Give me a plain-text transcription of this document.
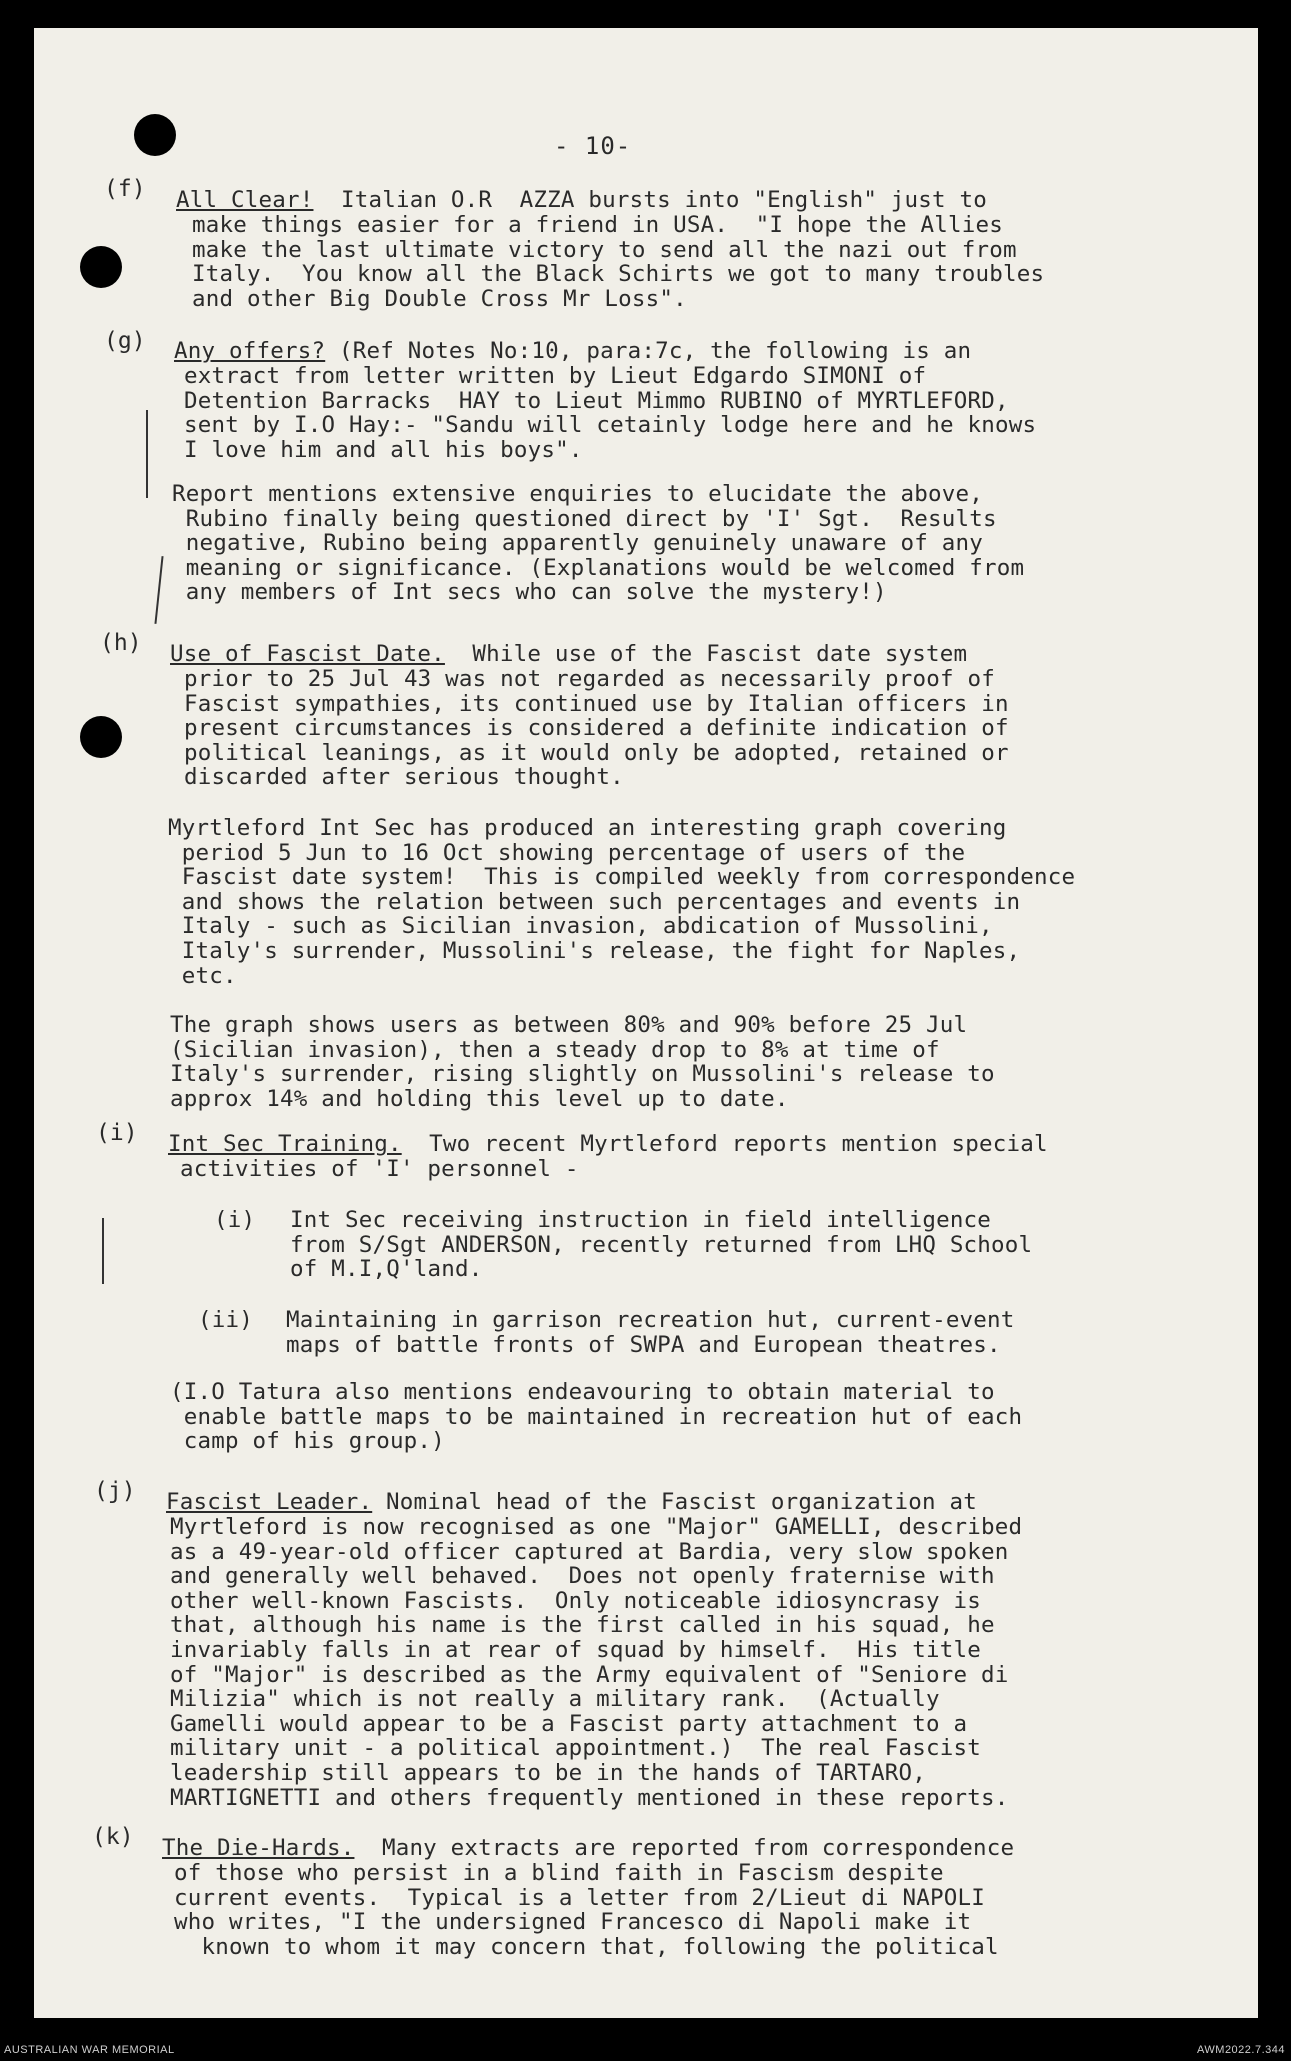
- 10-
(f) All Clear!  Italian O.R  AZZA bursts into "English" just to
make things easier for a friend in USA.  "I hope the Allies
make the last ultimate victory to send all the nazi out from
Italy.  You know all the Black Schirts we got to many troubles
and other Big Double Cross Mr Loss".
(g) Any offers? (Ref Notes No:10, para:7c, the following is an
extract from letter written by Lieut Edgardo SIMONI of
Detention Barracks  HAY to Lieut Mimmo RUBINO of MYRTLEFORD,
sent by I.O Hay:- "Sandu will cetainly lodge here and he knows
I love him and all his boys".
Report mentions extensive enquiries to elucidate the above,
Rubino finally being questioned direct by 'I' Sgt.  Results
negative, Rubino being apparently genuinely unaware of any
meaning or significance. (Explanations would be welcomed from
any members of Int secs who can solve the mystery!)
(h) Use of Fascist Date.  While use of the Fascist date system
prior to 25 Jul 43 was not regarded as necessarily proof of
Fascist sympathies, its continued use by Italian officers in
present circumstances is considered a definite indication of
political leanings, as it would only be adopted, retained or
discarded after serious thought.
Myrtleford Int Sec has produced an interesting graph covering
period 5 Jun to 16 Oct showing percentage of users of the
Fascist date system!  This is compiled weekly from correspondence
and shows the relation between such percentages and events in
Italy - such as Sicilian invasion, abdication of Mussolini,
Italy's surrender, Mussolini's release, the fight for Naples,
etc.
The graph shows users as between 80% and 90% before 25 Jul
(Sicilian invasion), then a steady drop to 8% at time of
Italy's surrender, rising slightly on Mussolini's release to
approx 14% and holding this level up to date.
(i) Int Sec Training.  Two recent Myrtleford reports mention special
activities of 'I' personnel -
(i) Int Sec receiving instruction in field intelligence
from S/Sgt ANDERSON, recently returned from LHQ School
of M.I,Q'land.
(ii) Maintaining in garrison recreation hut, current-event
maps of battle fronts of SWPA and European theatres.
(I.O Tatura also mentions endeavouring to obtain material to
enable battle maps to be maintained in recreation hut of each
camp of his group.)
(j) Fascist Leader. Nominal head of the Fascist organization at
Myrtleford is now recognised as one "Major" GAMELLI, described
as a 49-year-old officer captured at Bardia, very slow spoken
and generally well behaved.  Does not openly fraternise with
other well-known Fascists.  Only noticeable idiosyncrasy is
that, although his name is the first called in his squad, he
invariably falls in at rear of squad by himself.  His title
of "Major" is described as the Army equivalent of "Seniore di
Milizia" which is not really a military rank.  (Actually
Gamelli would appear to be a Fascist party attachment to a
military unit - a political appointment.)  The real Fascist
leadership still appears to be in the hands of TARTARO,
MARTIGNETTI and others frequently mentioned in these reports.
(k) The Die-Hards.  Many extracts are reported from correspondence
of those who persist in a blind faith in Fascism despite
current events.  Typical is a letter from 2/Lieut di NAPOLI
who writes, "I the undersigned Francesco di Napoli make it
known to whom it may concern that, following the political
AUSTRALIAN WAR MEMORIAL	AWM2022.7.344
